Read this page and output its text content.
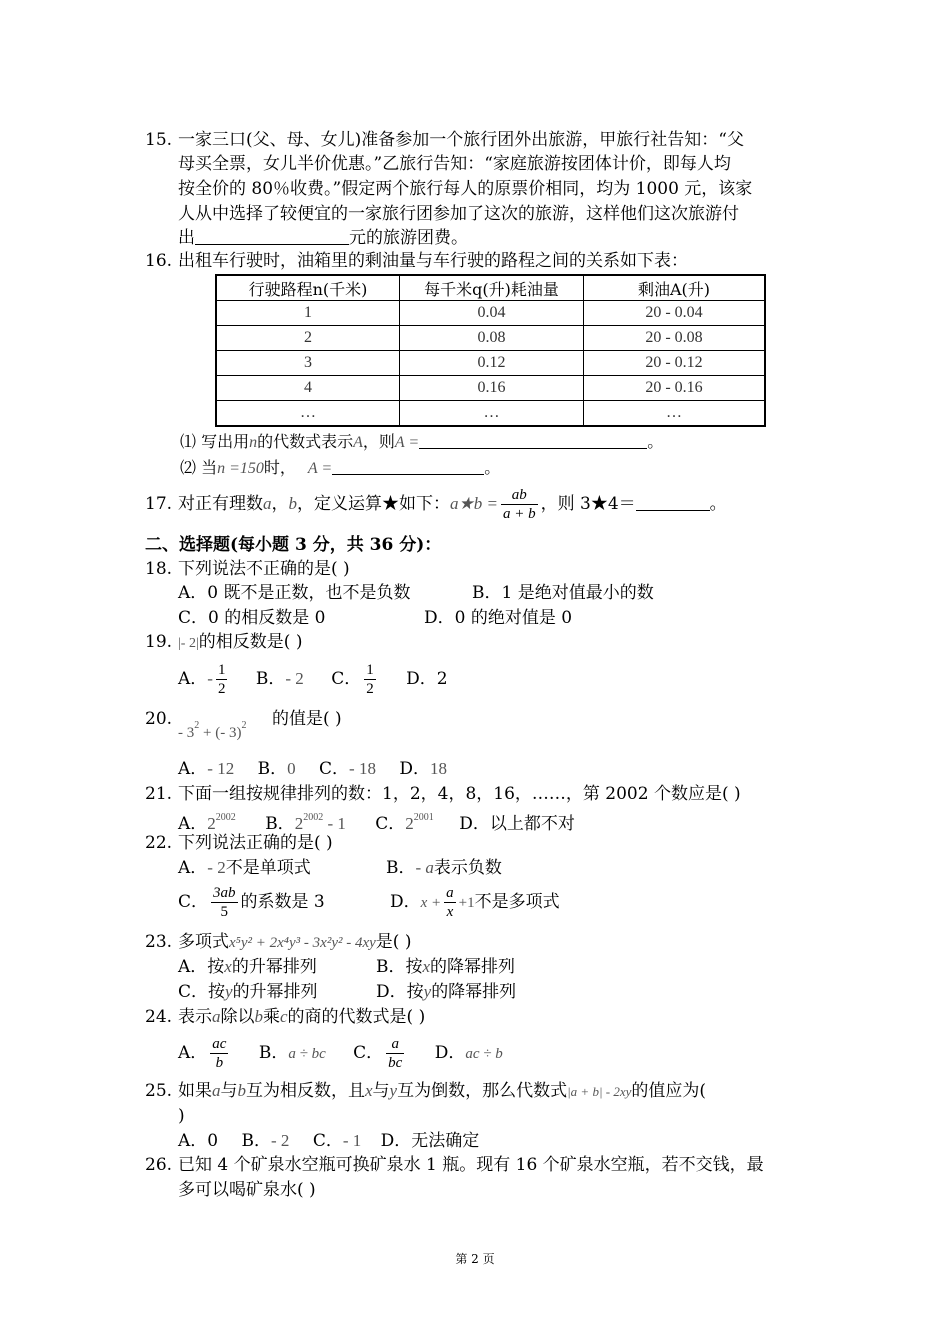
15. 一家三口(父、母、女儿)准备参加一个旅行团外出旅游，甲旅行社告知：“父
母买全票，女儿半价优惠。”乙旅行告知：“家庭旅游按团体计价，即每人均
按全价的 80％收费。”假定两个旅行每人的原票价相同，均为 1000 元，该家
人从中选择了较便宜的一家旅行团参加了这次的旅游，这样他们这次旅游付
出	元的旅游团费。
16. 出租车行驶时，油箱里的剩油量与车行驶的路程之间的关系如下表：
行驶路程n(千米)	每千米q(升)耗油量	剩油A(升)
1	0.04	20 - 0.04
2	0.08	20 - 0.08
3	0.12	20 - 0.12
4	0.16	20 - 0.16
…	…	…
⑴ 写出用n的代数式表示A，则A =	。
⑵ 当n =150时， A =	。
17. 对正有理数a，b，定义运算★如下：a★b = $\frac{ab}{a + b}$ ，则 3★4＝	。
二、选择题(每小题 3 分，共 36 分)：
18. 下列说法不正确的是( )
A．0 既不是正数，也不是负数	B．1 是绝对值最小的数
C．0 的相反数是 0	D．0 的绝对值是 0
19. |- 2|的相反数是( )
A．- $\frac{1}{2}$ B．- 2 C． $\frac{1}{2}$ D．2
20.
- $3^2$ + (- 3)$^2$ 的值是( )
A．- 12 B．0 C．- 18 D．18
21. 下面一组按规律排列的数：1，2，4，8，16，……，第 2002 个数应是( )
A．$2^{2002}$ B．$2^{2002} - 1$ C．$2^{2001}$ D．以上都不对
22. 下列说法正确的是( )
A．- 2不是单项式	B．- a表示负数
C． $\frac{3ab}{5}$ 的系数是 3	D．$x + \frac{a}{x} +1$不是多项式
23. 多项式x⁵y² + 2x⁴y³ - 3x²y² - 4xy是( )
A．按x的升幂排列	B．按x的降幂排列
C．按y的升幂排列	D．按y的降幂排列
24. 表示a除以b乘c的商的代数式是( )
A． $\frac{ac}{b}$ B．a ÷ bc C． $\frac{a}{bc}$ D．ac ÷ b
25. 如果a与b互为相反数，且x与y互为倒数，那么代数式|a + b| - 2xy的值应为(
)
A．0 B．- 2 C．- 1 D．无法确定
26. 已知 4 个矿泉水空瓶可换矿泉水 1 瓶。现有 16 个矿泉水空瓶，若不交钱，最
多可以喝矿泉水( )
第 2 页
